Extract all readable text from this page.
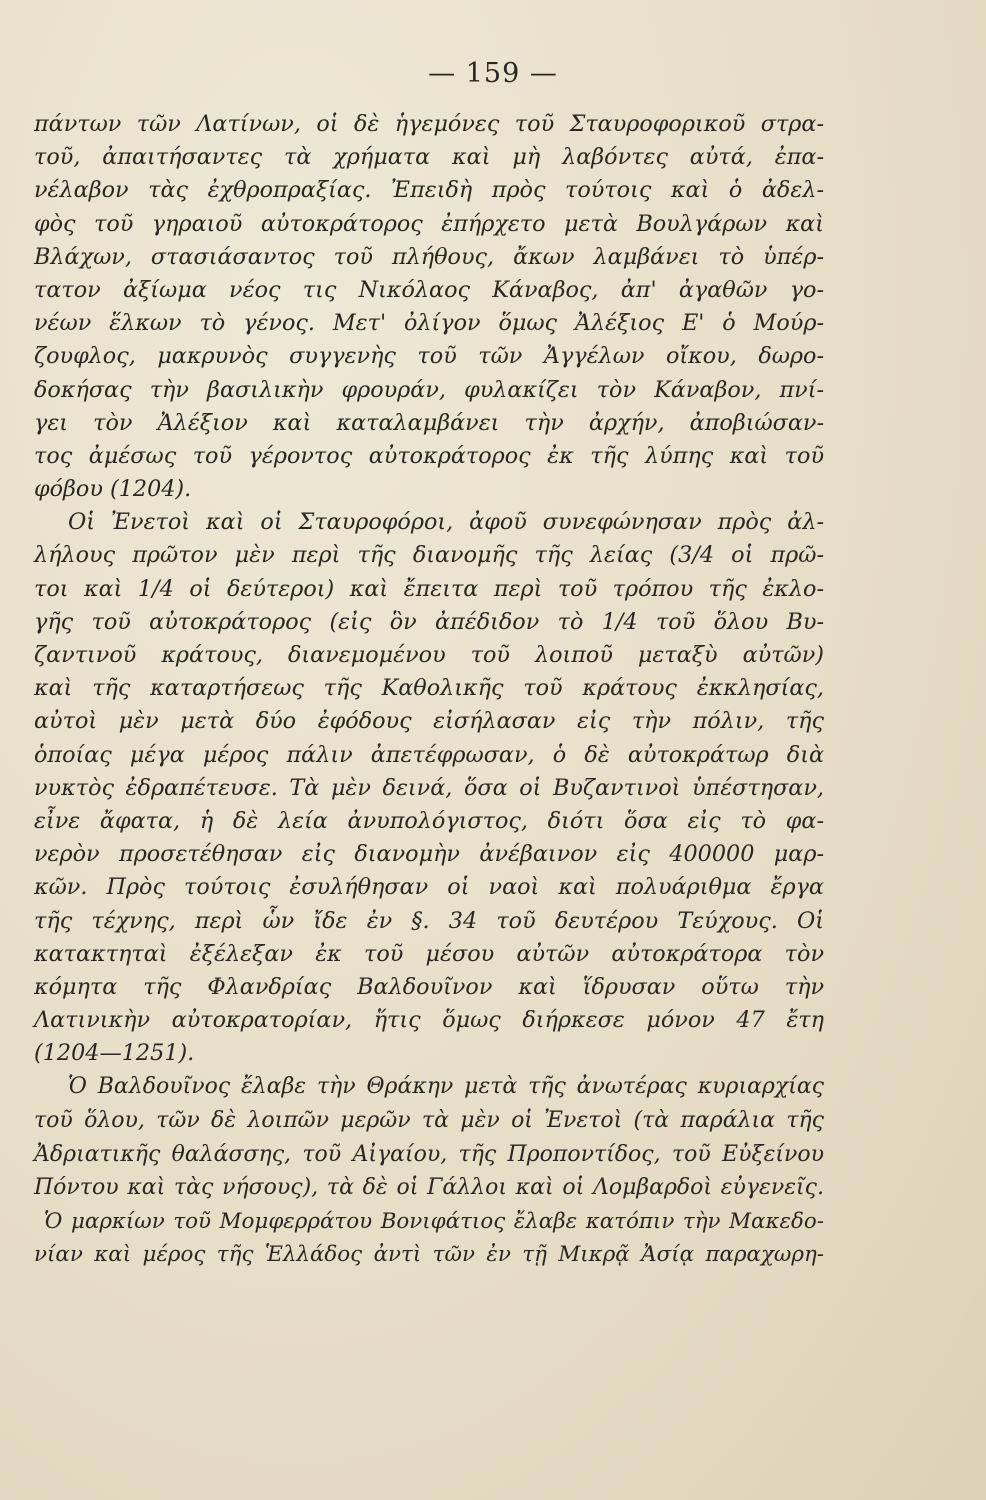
— 159 —
πάντων τῶν Λατίνων, οἱ δὲ ἡγεμόνες τοῦ Σταυροφορικοῦ στρα-
τοῦ, ἀπαιτήσαντες τὰ χρήματα καὶ μὴ λαβόντες αὐτά, ἐπα-
νέλαβον τὰς ἐχθροπραξίας. Ἐπειδὴ πρὸς τούτοις καὶ ὁ ἀδελ-
φὸς τοῦ γηραιοῦ αὐτοκράτορος ἐπήρχετο μετὰ Βουλγάρων καὶ
Βλάχων, στασιάσαντος τοῦ πλήθους, ἄκων λαμβάνει τὸ ὑπέρ-
τατον ἀξίωμα νέος τις Νικόλαος Κάναβος, ἀπ' ἀγαθῶν γο-
νέων ἕλκων τὸ γένος. Μετ' ὀλίγον ὅμως Ἀλέξιος Ε' ὁ Μούρ-
ζουφλος, μακρυνὸς συγγενὴς τοῦ τῶν Ἀγγέλων οἴκου, δωρο-
δοκήσας τὴν βασιλικὴν φρουράν, φυλακίζει τὸν Κάναβον, πνί-
γει τὸν Ἀλέξιον καὶ καταλαμβάνει τὴν ἀρχήν, ἀποβιώσαν-
τος ἀμέσως τοῦ γέροντος αὐτοκράτορος ἐκ τῆς λύπης καὶ τοῦ
φόβου (1204).
Οἱ Ἐνετοὶ καὶ οἱ Σταυροφόροι, ἀφοῦ συνεφώνησαν πρὸς ἀλ-
λήλους πρῶτον μὲν περὶ τῆς διανομῆς τῆς λείας (3/4 οἱ πρῶ-
τοι καὶ 1/4 οἱ δεύτεροι) καὶ ἔπειτα περὶ τοῦ τρόπου τῆς ἐκλο-
γῆς τοῦ αὐτοκράτορος (εἰς ὃν ἀπέδιδον τὸ 1/4 τοῦ ὅλου Βυ-
ζαντινοῦ κράτους, διανεμομένου τοῦ λοιποῦ μεταξὺ αὐτῶν)
καὶ τῆς καταρτήσεως τῆς Καθολικῆς τοῦ κράτους ἐκκλησίας,
αὐτοὶ μὲν μετὰ δύο ἐφόδους εἰσήλασαν εἰς τὴν πόλιν, τῆς
ὁποίας μέγα μέρος πάλιν ἀπετέφρωσαν, ὁ δὲ αὐτοκράτωρ διὰ
νυκτὸς ἐδραπέτευσε. Τὰ μὲν δεινά, ὅσα οἱ Βυζαντινοὶ ὑπέστησαν,
εἶνε ἄφατα, ἡ δὲ λεία ἀνυπολόγιστος, διότι ὅσα εἰς τὸ φα-
νερὸν προσετέθησαν εἰς διανομὴν ἀνέβαινον εἰς 400000 μαρ-
κῶν. Πρὸς τούτοις ἐσυλήθησαν οἱ ναοὶ καὶ πολυάριθμα ἔργα
τῆς τέχνης, περὶ ὧν ἴδε ἐν §. 34 τοῦ δευτέρου Τεύχους. Οἱ
κατακτηταὶ ἐξέλεξαν ἐκ τοῦ μέσου αὐτῶν αὐτοκράτορα τὸν
κόμητα τῆς Φλανδρίας Βαλδουῖνον καὶ ἵδρυσαν οὕτω τὴν
Λατινικὴν αὐτοκρατορίαν, ἥτις ὅμως διήρκεσε μόνον 47 ἔτη
(1204—1251).
Ὁ Βαλδουῖνος ἔλαβε τὴν Θράκην μετὰ τῆς ἀνωτέρας κυριαρχίας
τοῦ ὅλου, τῶν δὲ λοιπῶν μερῶν τὰ μὲν οἱ Ἐνετοὶ (τὰ παράλια τῆς
Ἀδριατικῆς θαλάσσης, τοῦ Αἰγαίου, τῆς Προποντίδος, τοῦ Εὐξείνου
Πόντου καὶ τὰς νήσους), τὰ δὲ οἱ Γάλλοι καὶ οἱ Λομβαρδοὶ εὐγενεῖς.
Ὁ μαρκίων τοῦ Μομφερράτου Βονιφάτιος ἔλαβε κατόπιν τὴν Μακεδο-
νίαν καὶ μέρος τῆς Ἑλλάδος ἀντὶ τῶν ἐν τῇ Μικρᾷ Ἀσίᾳ παραχωρη-
